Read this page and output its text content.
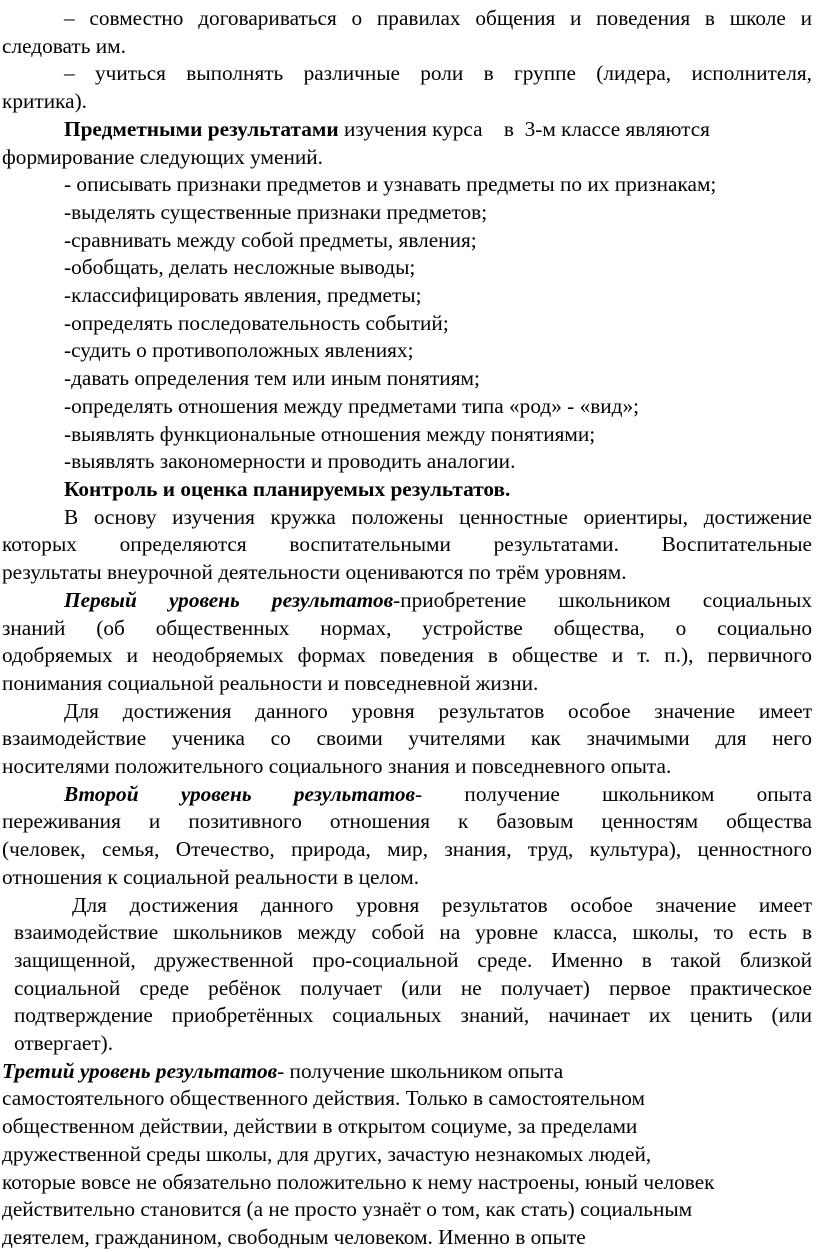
– совместно договариваться о правилах общения и поведения в школе и
следовать им.
– учиться выполнять различные роли в группе (лидера, исполнителя,
критика).
Предметными результатами изучения курса    в  3-м классе являются
формирование следующих умений.
- описывать признаки предметов и узнавать предметы по их признакам;
-выделять существенные признаки предметов;
-сравнивать между собой предметы, явления;
-обобщать, делать несложные выводы;
-классифицировать явления, предметы;
-определять последовательность событий;
-судить о противоположных явлениях;
-давать определения тем или иным понятиям;
-определять отношения между предметами типа «род» - «вид»;
-выявлять функциональные отношения между понятиями;
-выявлять закономерности и проводить аналогии.
Контроль и оценка планируемых результатов.
В основу изучения кружка положены ценностные ориентиры, достижение
которых определяются воспитательными результатами. Воспитательные
результаты внеурочной деятельности оцениваются по трём уровням.
Первый уровень результатов-приобретение школьником социальных
знаний (об общественных нормах, устройстве общества, о социально
одобряемых и неодобряемых формах поведения в обществе и т. п.), первичного
понимания социальной реальности и повседневной жизни.
Для достижения данного уровня результатов особое значение имеет
взаимодействие ученика со своими учителями как значимыми для него
носителями положительного социального знания и повседневного опыта.
Второй уровень результатов- получение школьником опыта
переживания и позитивного отношения к базовым ценностям общества
(человек, семья, Отечество, природа, мир, знания, труд, культура), ценностного
отношения к социальной реальности в целом.
Для достижения данного уровня результатов особое значение имеет
взаимодействие школьников между собой на уровне класса, школы, то есть в
защищенной, дружественной про-социальной среде. Именно в такой близкой
социальной среде ребёнок получает (или не получает) первое практическое
подтверждение приобретённых социальных знаний, начинает их ценить (или
отвергает).
Третий уровень результатов- получение школьником опыта
самостоятельного общественного действия. Только в самостоятельном
общественном действии, действии в открытом социуме, за пределами
дружественной среды школы, для других, зачастую незнакомых людей,
которые вовсе не обязательно положительно к нему настроены, юный человек
действительно становится (а не просто узнаёт о том, как стать) социальным
деятелем, гражданином, свободным человеком. Именно в опыте
